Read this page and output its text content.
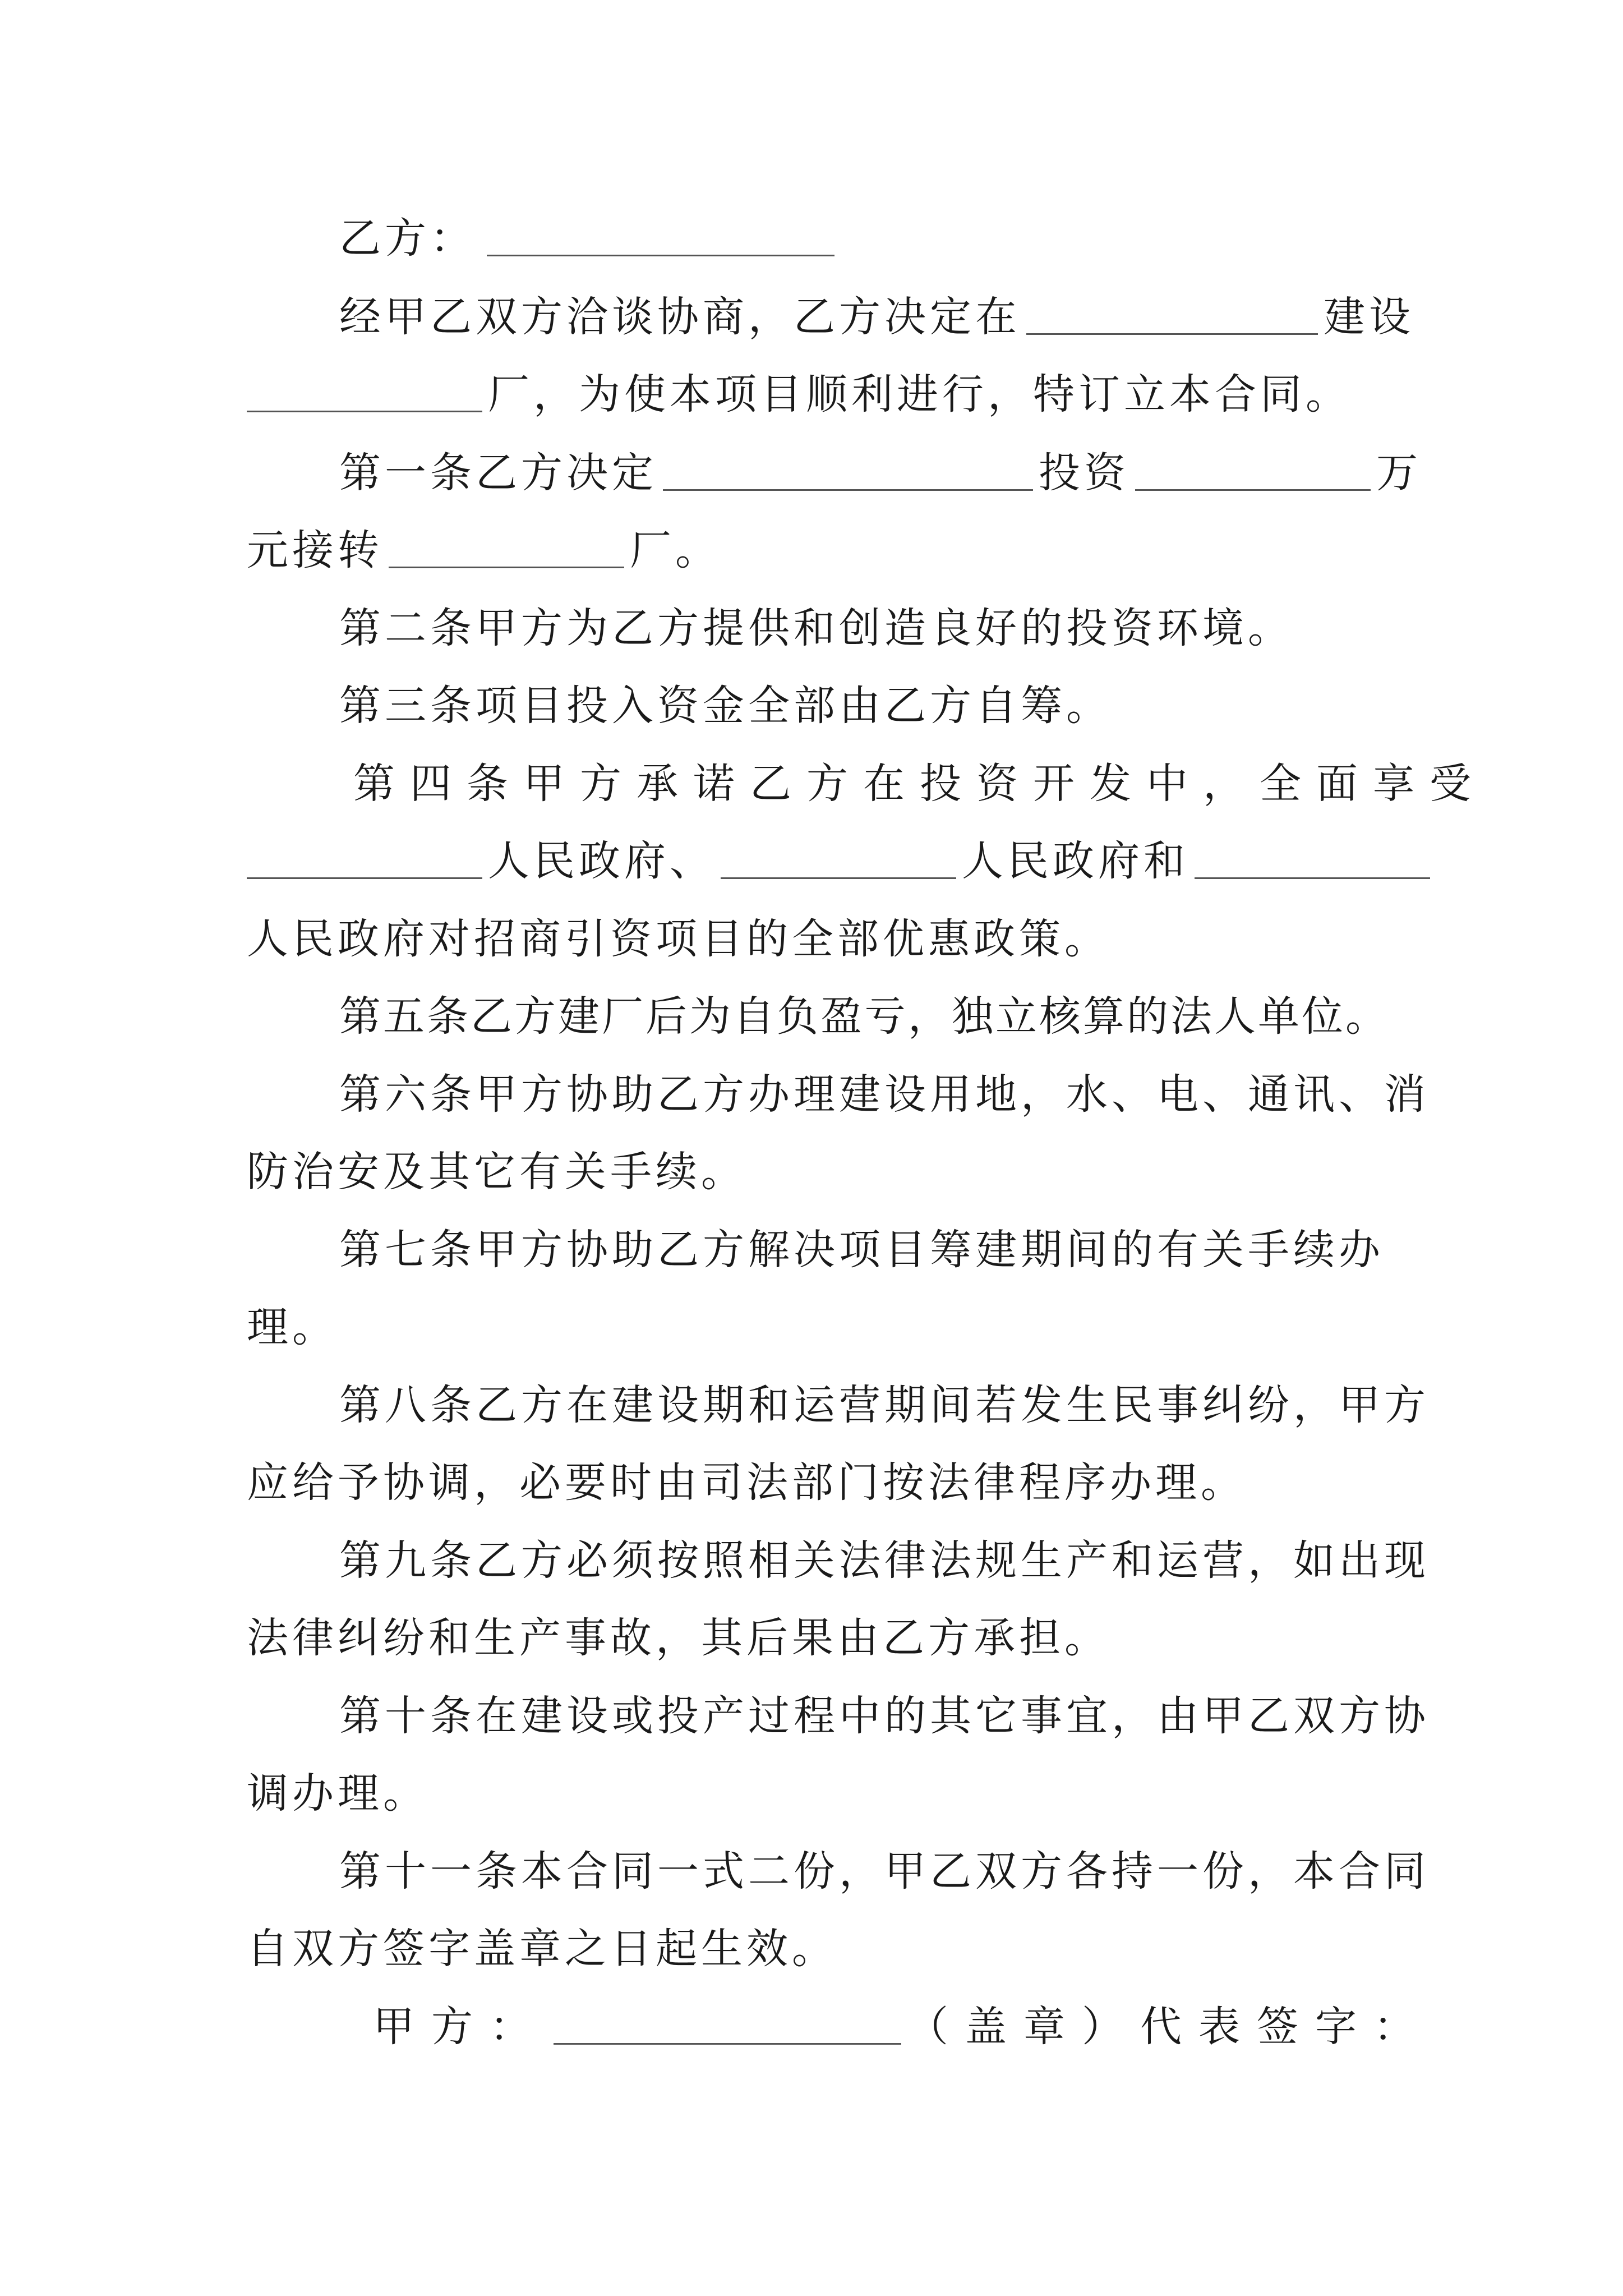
乙方：
经甲乙双方洽谈协商，乙方决定在	建设
厂，为使本项目顺利进行，特订立本合同。
第一条乙方决定	投资	万
元接转	厂。
第二条甲方为乙方提供和创造良好的投资环境。
第三条项目投入资金全部由乙方自筹。
第四条甲方承诺乙方在投资开发中，全面享受
人民政府、	人民政府和
人民政府对招商引资项目的全部优惠政策。
第五条乙方建厂后为自负盈亏，独立核算的法人单位。
第六条甲方协助乙方办理建设用地，水、电、通讯、消
防治安及其它有关手续。
第七条甲方协助乙方解决项目筹建期间的有关手续办
理。
第八条乙方在建设期和运营期间若发生民事纠纷，甲方
应给予协调，必要时由司法部门按法律程序办理。
第九条乙方必须按照相关法律法规生产和运营，如出现
法律纠纷和生产事故，其后果由乙方承担。
第十条在建设或投产过程中的其它事宜，由甲乙双方协
调办理。
第十一条本合同一式二份，甲乙双方各持一份，本合同
自双方签字盖章之日起生效。
甲方：	（盖章）代表签字：
